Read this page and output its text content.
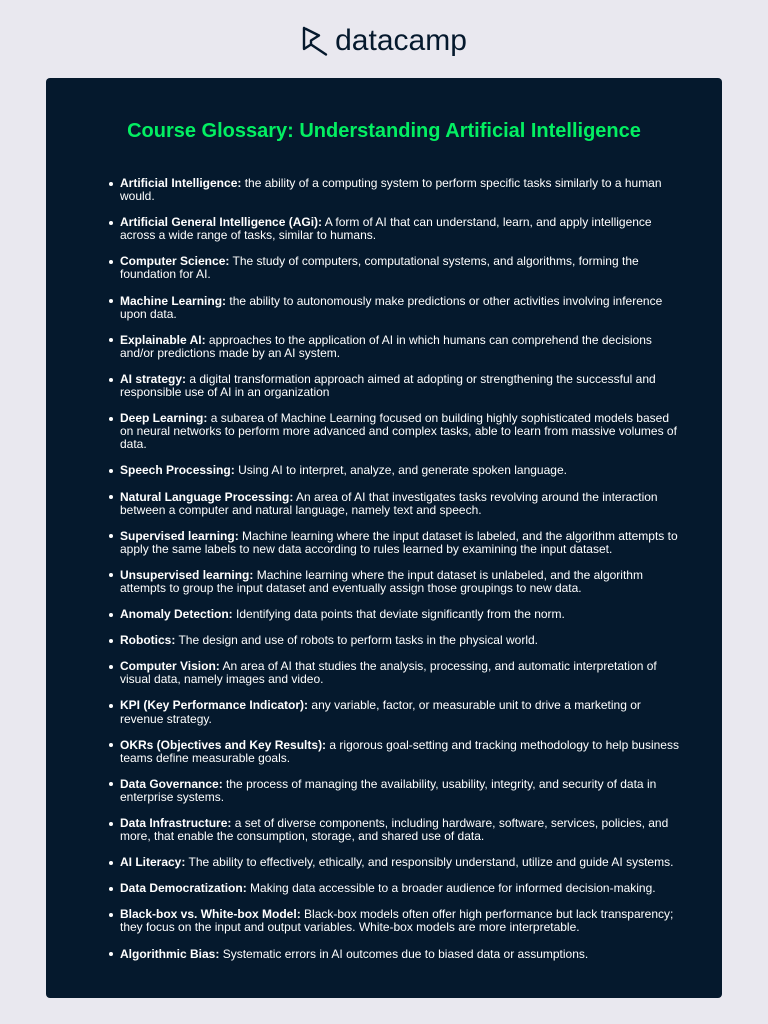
datacamp
Course Glossary: Understanding Artificial Intelligence
Artificial Intelligence: the ability of a computing system to perform specific tasks similarly to a human would.
Artificial General Intelligence (AGi): A form of AI that can understand, learn, and apply intelligence across a wide range of tasks, similar to humans.
Computer Science: The study of computers, computational systems, and algorithms, forming the foundation for AI.
Machine Learning: the ability to autonomously make predictions or other activities involving inference upon data.
Explainable AI: approaches to the application of AI in which humans can comprehend the decisions and/or predictions made by an AI system.
AI strategy: a digital transformation approach aimed at adopting or strengthening the successful and responsible use of AI in an organization
Deep Learning: a subarea of Machine Learning focused on building highly sophisticated models based on neural networks to perform more advanced and complex tasks, able to learn from massive volumes of data.
Speech Processing: Using AI to interpret, analyze, and generate spoken language.
Natural Language Processing: An area of AI that investigates tasks revolving around the interaction between a computer and natural language, namely text and speech.
Supervised learning: Machine learning where the input dataset is labeled, and the algorithm attempts to apply the same labels to new data according to rules learned by examining the input dataset.
Unsupervised learning: Machine learning where the input dataset is unlabeled, and the algorithm attempts to group the input dataset and eventually assign those groupings to new data.
Anomaly Detection: Identifying data points that deviate significantly from the norm.
Robotics: The design and use of robots to perform tasks in the physical world.
Computer Vision: An area of AI that studies the analysis, processing, and automatic interpretation of visual data, namely images and video.
KPI (Key Performance Indicator): any variable, factor, or measurable unit to drive a marketing or revenue strategy.
OKRs (Objectives and Key Results): a rigorous goal-setting and tracking methodology to help business teams define measurable goals.
Data Governance: the process of managing the availability, usability, integrity, and security of data in enterprise systems.
Data Infrastructure: a set of diverse components, including hardware, software, services, policies, and more, that enable the consumption, storage, and shared use of data.
AI Literacy: The ability to effectively, ethically, and responsibly understand, utilize and guide AI systems.
Data Democratization: Making data accessible to a broader audience for informed decision-making.
Black-box vs. White-box Model: Black-box models often offer high performance but lack transparency; they focus on the input and output variables. White-box models are more interpretable.
Algorithmic Bias: Systematic errors in AI outcomes due to biased data or assumptions.
